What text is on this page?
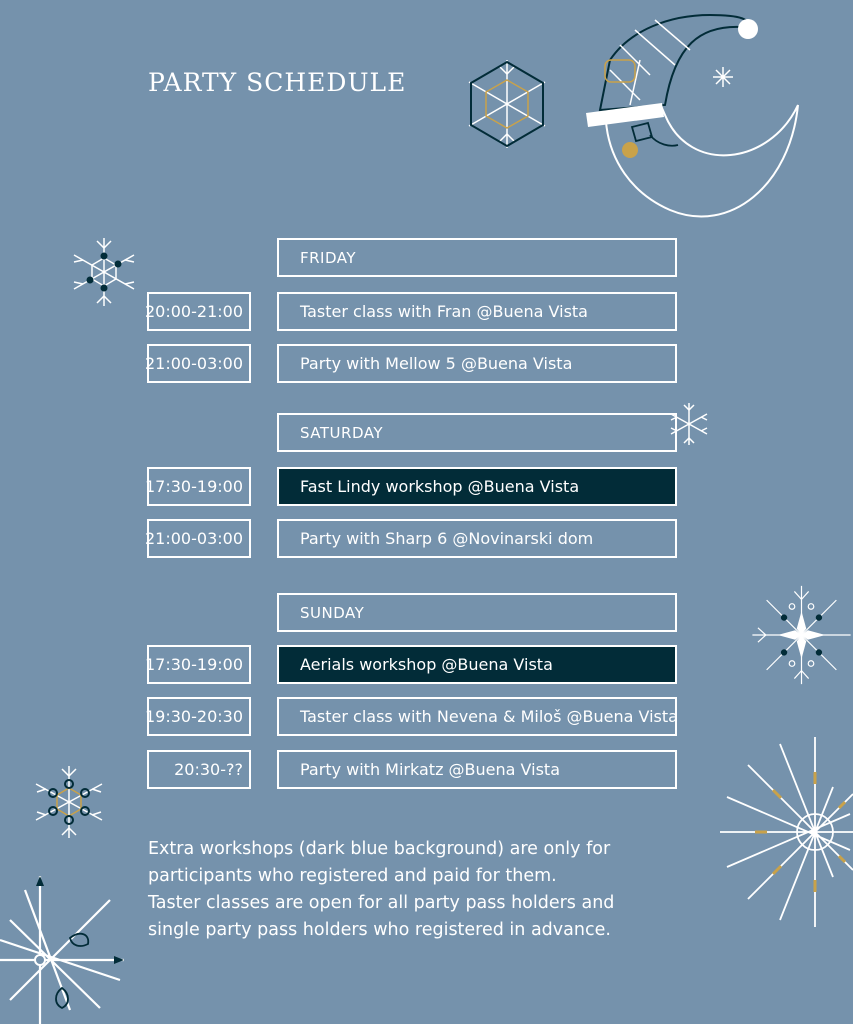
PARTY SCHEDULE
FRIDAY
20:00-21:00	Taster class with Fran @Buena Vista
21:00-03:00	Party with Mellow 5 @Buena Vista
SATURDAY
17:30-19:00	Fast Lindy workshop @Buena Vista
21:00-03:00	Party with Sharp 6 @Novinarski dom
SUNDAY
17:30-19:00	Aerials workshop @Buena Vista
19:30-20:30	Taster class with Nevena & Miloš @Buena Vista
20:30-??	Party with Mirkatz @Buena Vista
Extra workshops (dark blue background) are only for
participants who registered and paid for them.
Taster classes are open for all party pass holders and
single party pass holders who registered in advance.
